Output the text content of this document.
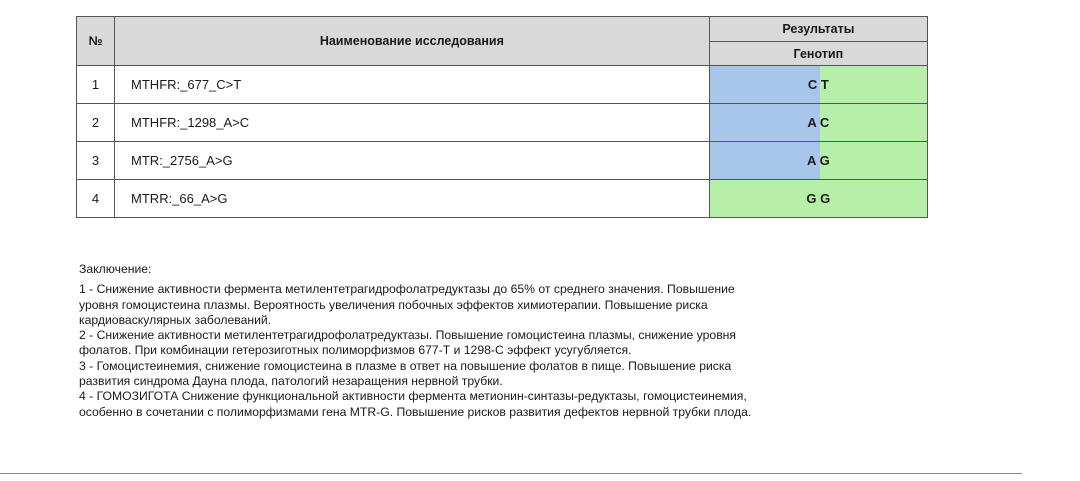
№	Наименование исследования	Результаты
		Генотип
1	MTHFR:_677_C>T	C T
2	MTHFR:_1298_A>C	A C
3	MTR:_2756_A>G	A G
4	MTRR:_66_A>G	G G

Заключение:

1 - Снижение активности фермента метилентетрагидрофолатредуктазы до 65% от среднего значения. Повышение

уровня гомоцистеина плазмы. Вероятность увеличения побочных эффектов химиотерапии. Повышение риска

кардиоваскулярных заболеваний.

2 - Снижение активности метилентетрагидрофолатредуктазы. Повышение гомоцистеина плазмы, снижение уровня

фолатов. При комбинации гетерозиготных полиморфизмов 677-Т и 1298-С эффект усугубляется.

3 - Гомоцистеинемия, снижение гомоцистеина в плазме в ответ на повышение фолатов в пище. Повышение риска

развития синдрома Дауна плода, патологий незаращения нервной трубки.

4 - ГОМОЗИГОТА Снижение функциональной активности фермента метионин-синтазы-редуктазы, гомоцистеинемия,

особенно в сочетании с полиморфизмами гена MTR-G. Повышение рисков развития дефектов нервной трубки плода.
